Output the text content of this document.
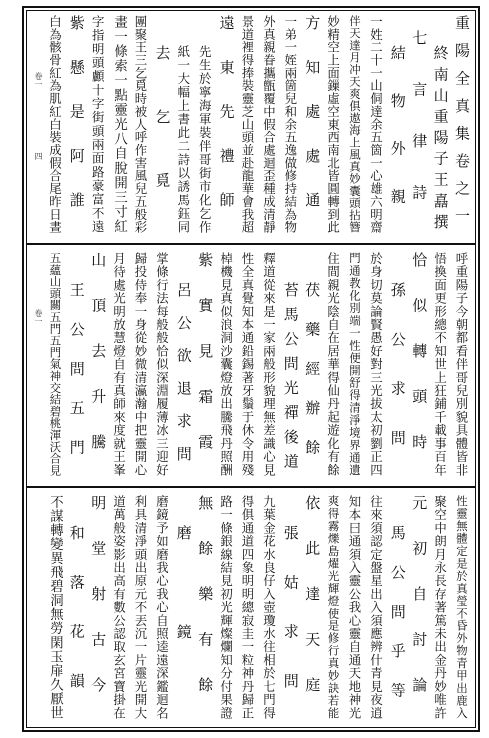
重陽全真集卷之一
終南山重陽子王嚞撰
七言律詩
結物外親
一姓二十一山侗達余五箇一心雄六明齋
伴天達月冲天爽俱遨海上風真妙囊頭拈簪
妙精空上面鏁虛空東西南北皆圓轉到此
方知處處通
一弟一姪兩箇兒和余五逸做修持結為物
外真親眷攜甑覆中假合處迴歪種成清靜
景道裡得捧裝靈芝山頭並赴龍華會我超
遠東先禮師
先生於寧海軍裝伴哥街市化乞作
紙一大幅上書此二詩以誘馬鈺同
去乞覓
團聚王三乞覓時被人呼作害風兒五般彩
畫一條索一點靈光八自脫開三寸紅
字指明頭顱十字街頭兩面路豪富不遠
紫懸是阿誰
白為骸骨紅為肌紅白裝成假合尾昨日晝
卷一
四
呼重陽子今朝都看伴哥兒別貌具體皆非
悟換面更形總不知世上狂鋪千載事百年
恰似轉頭時
孫公求問
於身切莫論賢愚好對三光拔太初劉正四
門通教化別端一性便開舒得清淨境界通遺
住間親光陰自在居華得仙丹起遊化有餘
茯藥經辦餘
苔馬公問光禪後道
釋道從來是一家兩般形貌理無差識心見
性全真覺知本通鉛錫著牙鬚于休令用殘
棹機見真似浪洞沙囊燈放出騰飛丹照酬
紫實見霜霞
呂公欲退求問
掌條行法每般般恰似深淵履薄冰三迎好
歸投侍奉一身從妙微清瀛瀚中把靈開心
月待處光明放慧燈自有真師來度就王峯
山頂去升騰
王公問五門
五蘊山頭關五門五門氣神交結碧桃渾沃合見
卷一
性靈無體定是於真瑩不昏外物青甲出鹿入
聚空中朗月永長存著篤未出金丹妙唯許
元初自討論
馬公問乎等
往來須認定盤星出入須應辨什青見夜逍
知本曰通須入靈公我心靈自通天地神光
爽得霧爍島燿光輝燈使是修行真妙訣若能
依此達天庭
張姑求問
九葉金花水良仔入壺瓊水往相於七門得
得俱通道四象明明總寂圭一粒神丹歸正
路一條銀線結見初光輝燦爛知分付果證
無餘樂有餘
磨鏡
磨鏡予如磨我心我心自照逵遠深鑑迴名
利具清淨頭出原元不丟沉一片靈光開大
道萬般姿影出高有數公認取玄宮寶掛在
明堂射古今
和落花韻
不謀轉變異飛碧洞無勞閑玉扉久厭世
